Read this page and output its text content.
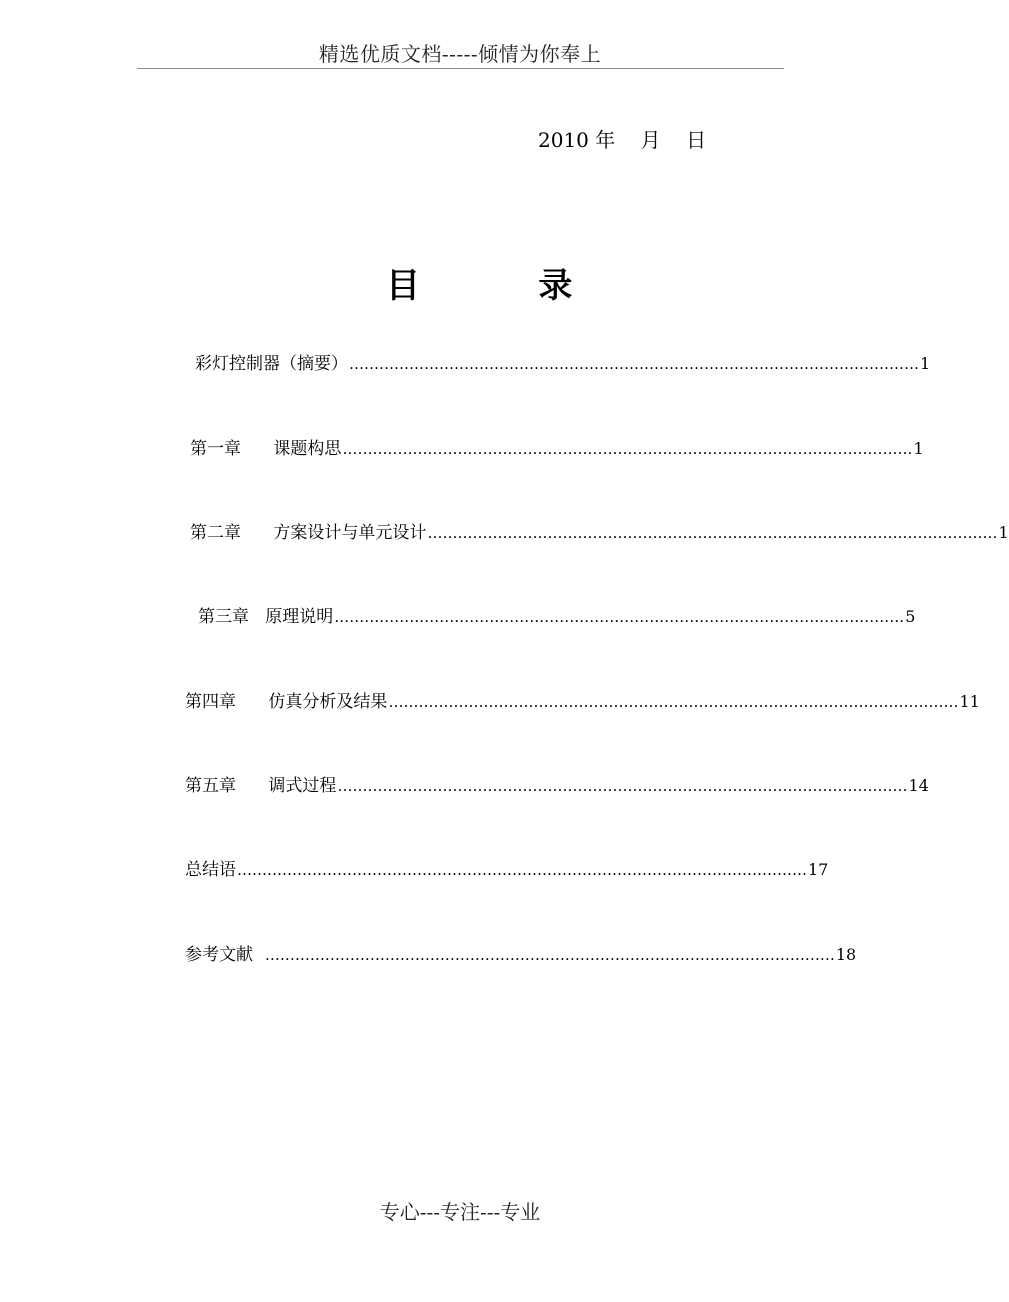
精选优质文档-----倾情为你奉上
2010 年    月    日
目          录
彩灯控制器（摘要） …………………………………………………………………………………………………… 1
第一章      课题构思 …………………………………………………………………………………………………… 1
第二章      方案设计与单元设计 …………………………………………………………………………………………………… 1
第三章   原理说明 …………………………………………………………………………………………………… 5
第四章      仿真分析及结果 …………………………………………………………………………………………………… 11
第五章      调式过程 …………………………………………………………………………………………………… 14
总结语 …………………………………………………………………………………………………… 17
参考文献 …………………………………………………………………………………………………… 18
专心---专注---专业
